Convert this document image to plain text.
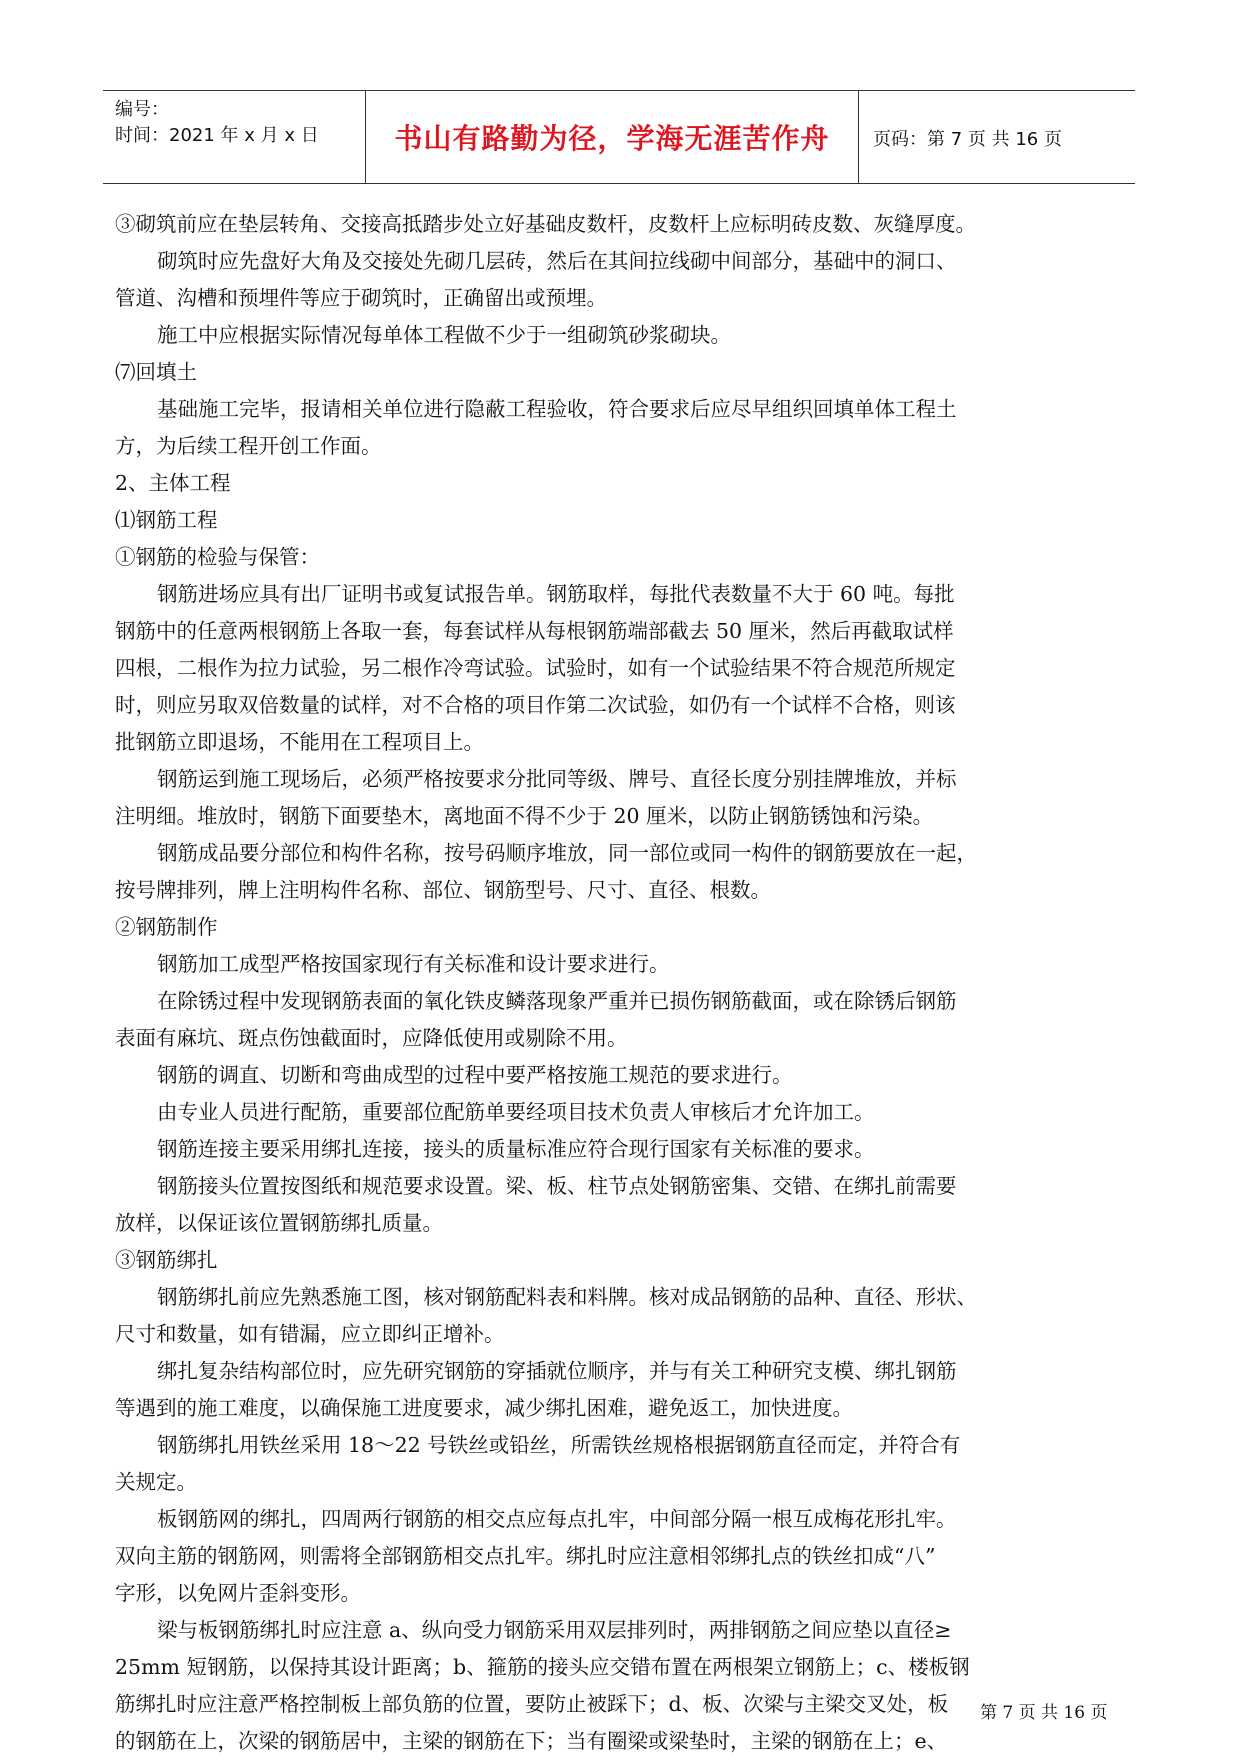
编号：
时间：2021 年 x 月 x 日	书山有路勤为径，学海无涯苦作舟	页码：第 7 页 共 16 页
③砌筑前应在垫层转角、交接高抵踏步处立好基础皮数杆，皮数杆上应标明砖皮数、灰缝厚度。
砌筑时应先盘好大角及交接处先砌几层砖，然后在其间拉线砌中间部分，基础中的洞口、
管道、沟槽和预埋件等应于砌筑时，正确留出或预埋。
施工中应根据实际情况每单体工程做不少于一组砌筑砂浆砌块。
⑺回填土
基础施工完毕，报请相关单位进行隐蔽工程验收，符合要求后应尽早组织回填单体工程土
方，为后续工程开创工作面。
2、主体工程
⑴钢筋工程
①钢筋的检验与保管：
钢筋进场应具有出厂证明书或复试报告单。钢筋取样，每批代表数量不大于 60 吨。每批
钢筋中的任意两根钢筋上各取一套，每套试样从每根钢筋端部截去 50 厘米，然后再截取试样
四根，二根作为拉力试验，另二根作冷弯试验。试验时，如有一个试验结果不符合规范所规定
时，则应另取双倍数量的试样，对不合格的项目作第二次试验，如仍有一个试样不合格，则该
批钢筋立即退场，不能用在工程项目上。
钢筋运到施工现场后，必须严格按要求分批同等级、牌号、直径长度分别挂牌堆放，并标
注明细。堆放时，钢筋下面要垫木，离地面不得不少于 20 厘米，以防止钢筋锈蚀和污染。
钢筋成品要分部位和构件名称，按号码顺序堆放，同一部位或同一构件的钢筋要放在一起，
按号牌排列，牌上注明构件名称、部位、钢筋型号、尺寸、直径、根数。
②钢筋制作
钢筋加工成型严格按国家现行有关标准和设计要求进行。
在除锈过程中发现钢筋表面的氧化铁皮鳞落现象严重并已损伤钢筋截面，或在除锈后钢筋
表面有麻坑、斑点伤蚀截面时，应降低使用或剔除不用。
钢筋的调直、切断和弯曲成型的过程中要严格按施工规范的要求进行。
由专业人员进行配筋，重要部位配筋单要经项目技术负责人审核后才允许加工。
钢筋连接主要采用绑扎连接，接头的质量标准应符合现行国家有关标准的要求。
钢筋接头位置按图纸和规范要求设置。梁、板、柱节点处钢筋密集、交错、在绑扎前需要
放样，以保证该位置钢筋绑扎质量。
③钢筋绑扎
钢筋绑扎前应先熟悉施工图，核对钢筋配料表和料牌。核对成品钢筋的品种、直径、形状、
尺寸和数量，如有错漏，应立即纠正增补。
绑扎复杂结构部位时，应先研究钢筋的穿插就位顺序，并与有关工种研究支模、绑扎钢筋
等遇到的施工难度，以确保施工进度要求，减少绑扎困难，避免返工，加快进度。
钢筋绑扎用铁丝采用 18～22 号铁丝或铅丝，所需铁丝规格根据钢筋直径而定，并符合有
关规定。
板钢筋网的绑扎，四周两行钢筋的相交点应每点扎牢，中间部分隔一根互成梅花形扎牢。
双向主筋的钢筋网，则需将全部钢筋相交点扎牢。绑扎时应注意相邻绑扎点的铁丝扣成“八”
字形，以免网片歪斜变形。
梁与板钢筋绑扎时应注意 a、纵向受力钢筋采用双层排列时，两排钢筋之间应垫以直径≥
25mm 短钢筋，以保持其设计距离；b、箍筋的接头应交错布置在两根架立钢筋上；c、楼板钢
筋绑扎时应注意严格控制板上部负筋的位置，要防止被踩下；d、板、次梁与主梁交叉处，板
的钢筋在上，次梁的钢筋居中，主梁的钢筋在下；当有圈梁或梁垫时，主梁的钢筋在上；e、
第 7 页 共 16 页
